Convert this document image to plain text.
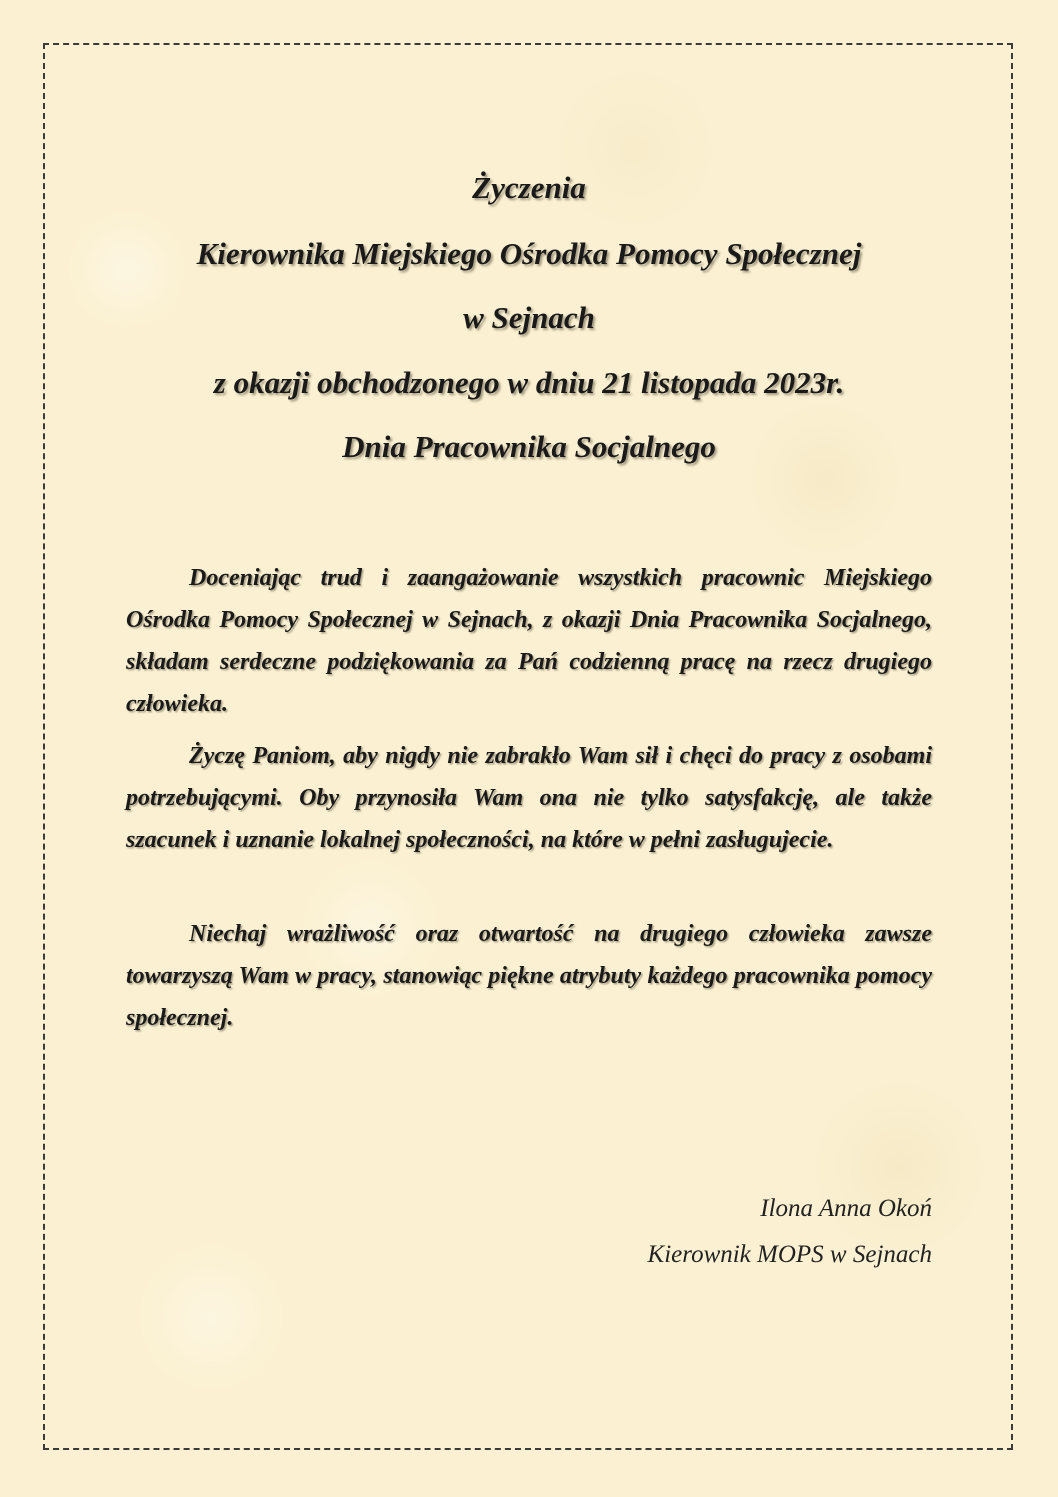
Życzenia
Kierownika Miejskiego Ośrodka Pomocy Społecznej
w Sejnach
z okazji obchodzonego w dniu 21 listopada 2023r.
Dnia Pracownika Socjalnego

Doceniając trud i zaangażowanie wszystkich pracownic Miejskiego Ośrodka Pomocy Społecznej w Sejnach, z okazji Dnia Pracownika Socjalnego, składam serdeczne podziękowania za Pań codzienną pracę na rzecz drugiego człowieka.

Życzę Paniom, aby nigdy nie zabrakło Wam sił i chęci do pracy z osobami potrzebującymi. Oby przynosiła Wam ona nie tylko satysfakcję, ale także szacunek i uznanie lokalnej społeczności, na które w pełni zasługujecie.

Niechaj wrażliwość oraz otwartość na drugiego człowieka zawsze towarzyszą Wam w pracy, stanowiąc piękne atrybuty każdego pracownika pomocy społecznej.

Ilona Anna Okoń
Kierownik MOPS w Sejnach
